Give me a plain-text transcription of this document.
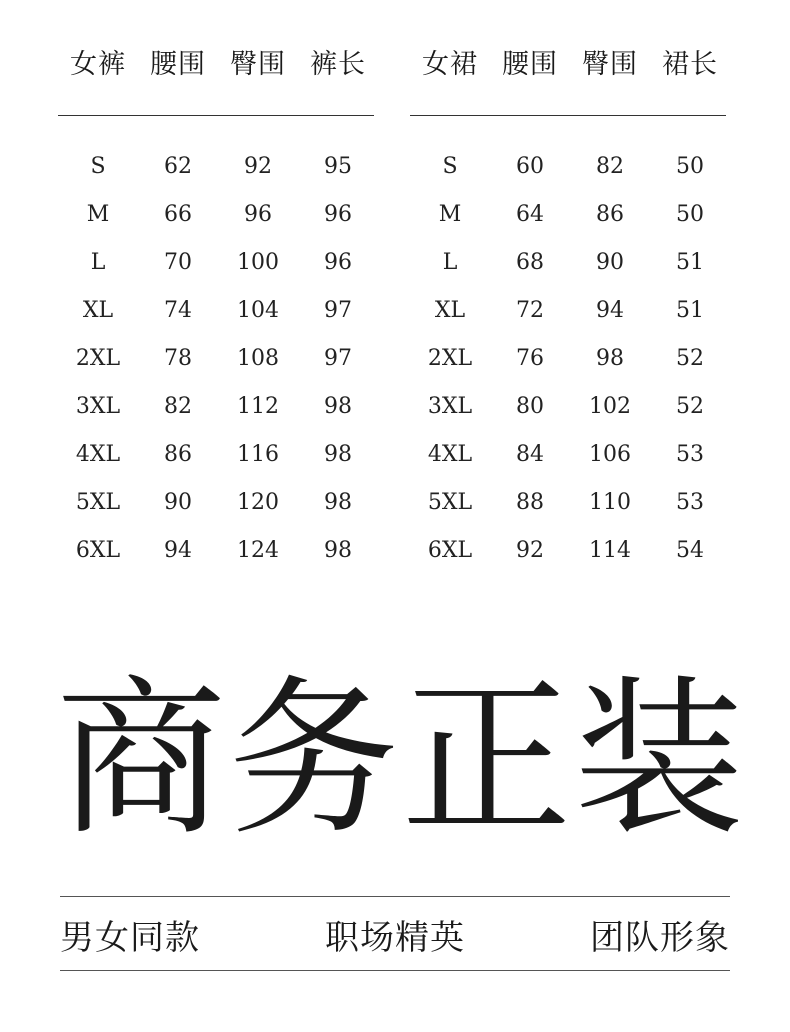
女裤 腰围 臀围 裤长
S	62	92	95
M	66	96	96
L	70	100	96
XL	74	104	97
2XL	78	108	97
3XL	82	112	98
4XL	86	116	98
5XL	90	120	98
6XL	94	124	98
女裙 腰围 臀围 裙长
S	60	82	50
M	64	86	50
L	68	90	51
XL	72	94	51
2XL	76	98	52
3XL	80	102	52
4XL	84	106	53
5XL	88	110	53
6XL	92	114	54
商 务 正 装
男女同款	职场精英	团队形象
